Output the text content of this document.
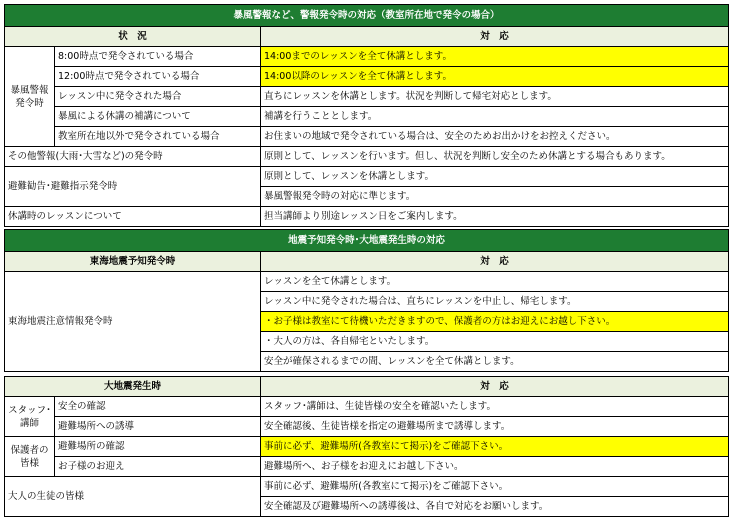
暴風警報など、警報発令時の対応（教室所在地で発令の場合）		
状　況		対　応
暴風警報
発令時	8:00時点で発令されている場合	14:00までのレッスンを全て休講とします。
	12:00時点で発令されている場合	14:00以降のレッスンを全て休講とします。
	レッスン中に発令された場合	直ちにレッスンを休講とします。状況を判断して帰宅対応とします。
	暴風による休講の補講について	補講を行うこととします。
	教室所在地以外で発令されている場合	お住まいの地域で発令されている場合は、安全のためお出かけをお控えください。
その他警報(大雨･大雪など)の発令時		原則として、レッスンを行います。但し、状況を判断し安全のため休講とする場合もあります。
避難勧告･避難指示発令時		原則として、レッスンを休講とします。
		暴風警報発令時の対応に準じます。
休講時のレッスンについて		担当講師より別途レッスン日をご案内します。
地震予知発令時･大地震発生時の対応		
東海地震予知発令時		対　応
東海地震注意情報発令時		レッスンを全て休講とします。
		レッスン中に発令された場合は、直ちにレッスンを中止し、帰宅します。
		・お子様は教室にて待機いただきますので、保護者の方はお迎えにお越し下さい。
		・大人の方は、各自帰宅といたします。
		安全が確保されるまでの間、レッスンを全て休講とします。

大地震発生時		対　応
スタッフ･
講師	安全の確認	スタッフ･講師は、生徒皆様の安全を確認いたします。
	避難場所への誘導	安全確認後、生徒皆様を指定の避難場所まで誘導します。
保護者の
皆様	避難場所の確認	事前に必ず、避難場所(各教室にて掲示)をご確認下さい。
	お子様のお迎え	避難場所へ、お子様をお迎えにお越し下さい。
大人の生徒の皆様		事前に必ず、避難場所(各教室にて掲示)をご確認下さい。
		安全確認及び避難場所への誘導後は、各自で対応をお願いします。
